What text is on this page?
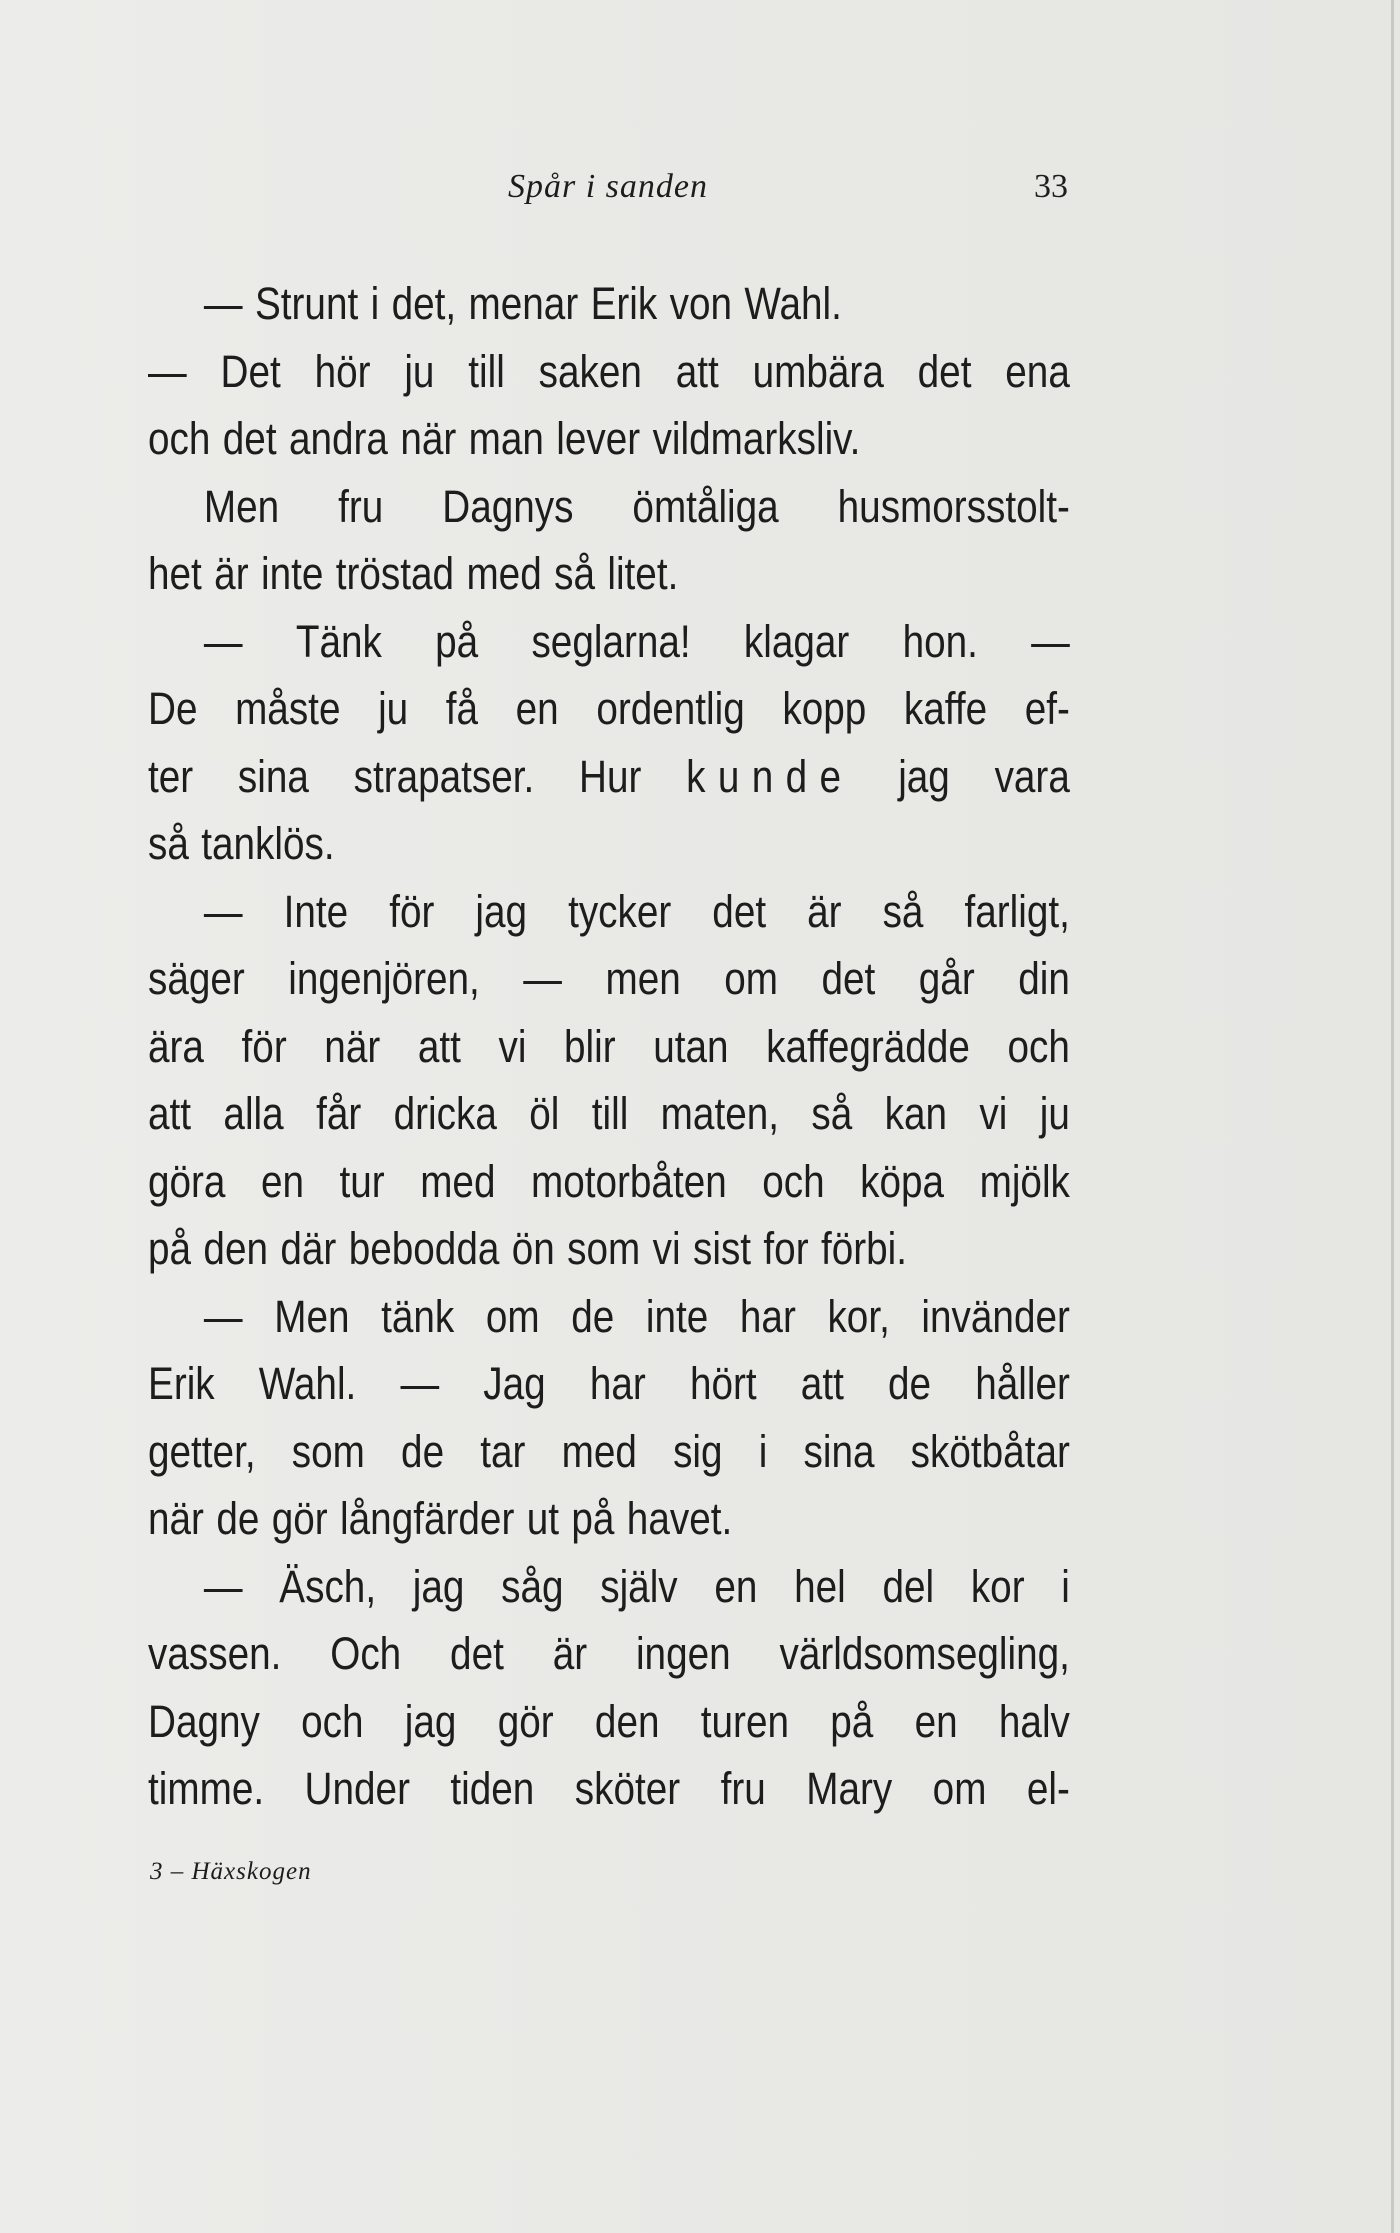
Spår i sanden	33
— Strunt i det, menar Erik von Wahl.
— Det hör ju till saken att umbära det ena
och det andra när man lever vildmarksliv.
Men fru Dagnys ömtåliga husmorsstolt-
het är inte tröstad med så litet.
— Tänk på seglarna! klagar hon. —
De måste ju få en ordentlig kopp kaffe ef-
ter sina strapatser. Hur kunde jag vara
så tanklös.
— Inte för jag tycker det är så farligt,
säger ingenjören, — men om det går din
ära för när att vi blir utan kaffegrädde och
att alla får dricka öl till maten, så kan vi ju
göra en tur med motorbåten och köpa mjölk
på den där bebodda ön som vi sist for förbi.
— Men tänk om de inte har kor, invänder
Erik Wahl. — Jag har hört att de håller
getter, som de tar med sig i sina skötbåtar
när de gör långfärder ut på havet.
— Äsch, jag såg själv en hel del kor i
vassen. Och det är ingen världsomsegling,
Dagny och jag gör den turen på en halv
timme. Under tiden sköter fru Mary om el-
3 – Häxskogen
